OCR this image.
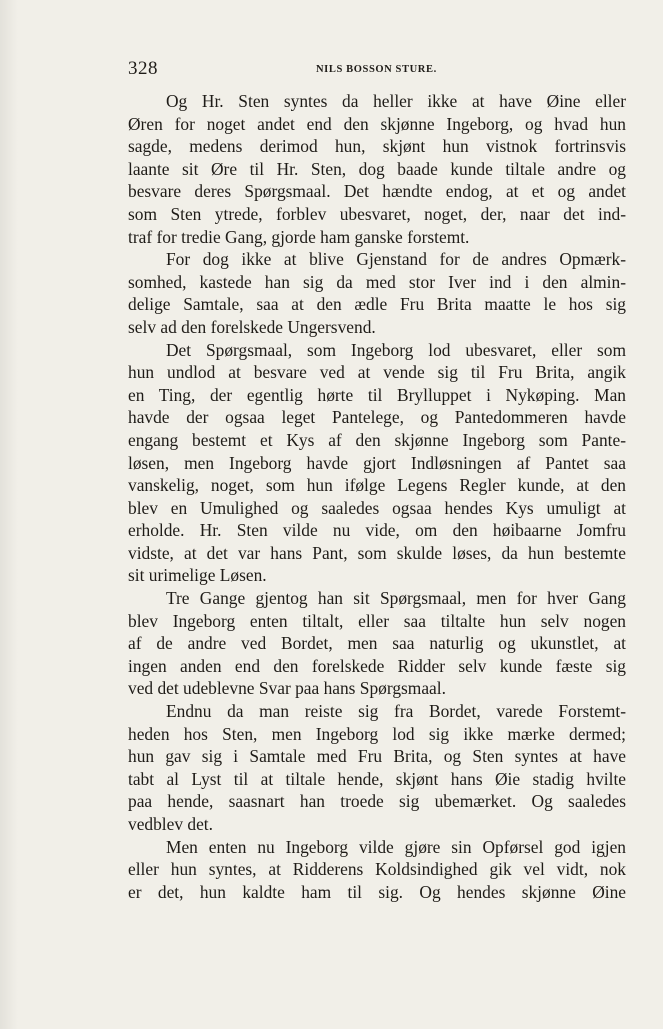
328	NILS BOSSON STURE.
Og Hr. Sten syntes da heller ikke at have Øine eller
Øren for noget andet end den skjønne Ingeborg, og hvad hun
sagde, medens derimod hun, skjønt hun vistnok fortrinsvis
laante sit Øre til Hr. Sten, dog baade kunde tiltale andre og
besvare deres Spørgsmaal. Det hændte endog, at et og andet
som Sten ytrede, forblev ubesvaret, noget, der, naar det ind-
traf for tredie Gang, gjorde ham ganske forstemt.
For dog ikke at blive Gjenstand for de andres Opmærk-
somhed, kastede han sig da med stor Iver ind i den almin-
delige Samtale, saa at den ædle Fru Brita maatte le hos sig
selv ad den forelskede Ungersvend.
Det Spørgsmaal, som Ingeborg lod ubesvaret, eller som
hun undlod at besvare ved at vende sig til Fru Brita, angik
en Ting, der egentlig hørte til Brylluppet i Nykøping. Man
havde der ogsaa leget Pantelege, og Pantedommeren havde
engang bestemt et Kys af den skjønne Ingeborg som Pante-
løsen, men Ingeborg havde gjort Indløsningen af Pantet saa
vanskelig, noget, som hun ifølge Legens Regler kunde, at den
blev en Umulighed og saaledes ogsaa hendes Kys umuligt at
erholde. Hr. Sten vilde nu vide, om den høibaarne Jomfru
vidste, at det var hans Pant, som skulde løses, da hun bestemte
sit urimelige Løsen.
Tre Gange gjentog han sit Spørgsmaal, men for hver Gang
blev Ingeborg enten tiltalt, eller saa tiltalte hun selv nogen
af de andre ved Bordet, men saa naturlig og ukunstlet, at
ingen anden end den forelskede Ridder selv kunde fæste sig
ved det udeblevne Svar paa hans Spørgsmaal.
Endnu da man reiste sig fra Bordet, varede Forstemt-
heden hos Sten, men Ingeborg lod sig ikke mærke dermed;
hun gav sig i Samtale med Fru Brita, og Sten syntes at have
tabt al Lyst til at tiltale hende, skjønt hans Øie stadig hvilte
paa hende, saasnart han troede sig ubemærket. Og saaledes
vedblev det.
Men enten nu Ingeborg vilde gjøre sin Opførsel god igjen
eller hun syntes, at Ridderens Koldsindighed gik vel vidt, nok
er det, hun kaldte ham til sig. Og hendes skjønne Øine
